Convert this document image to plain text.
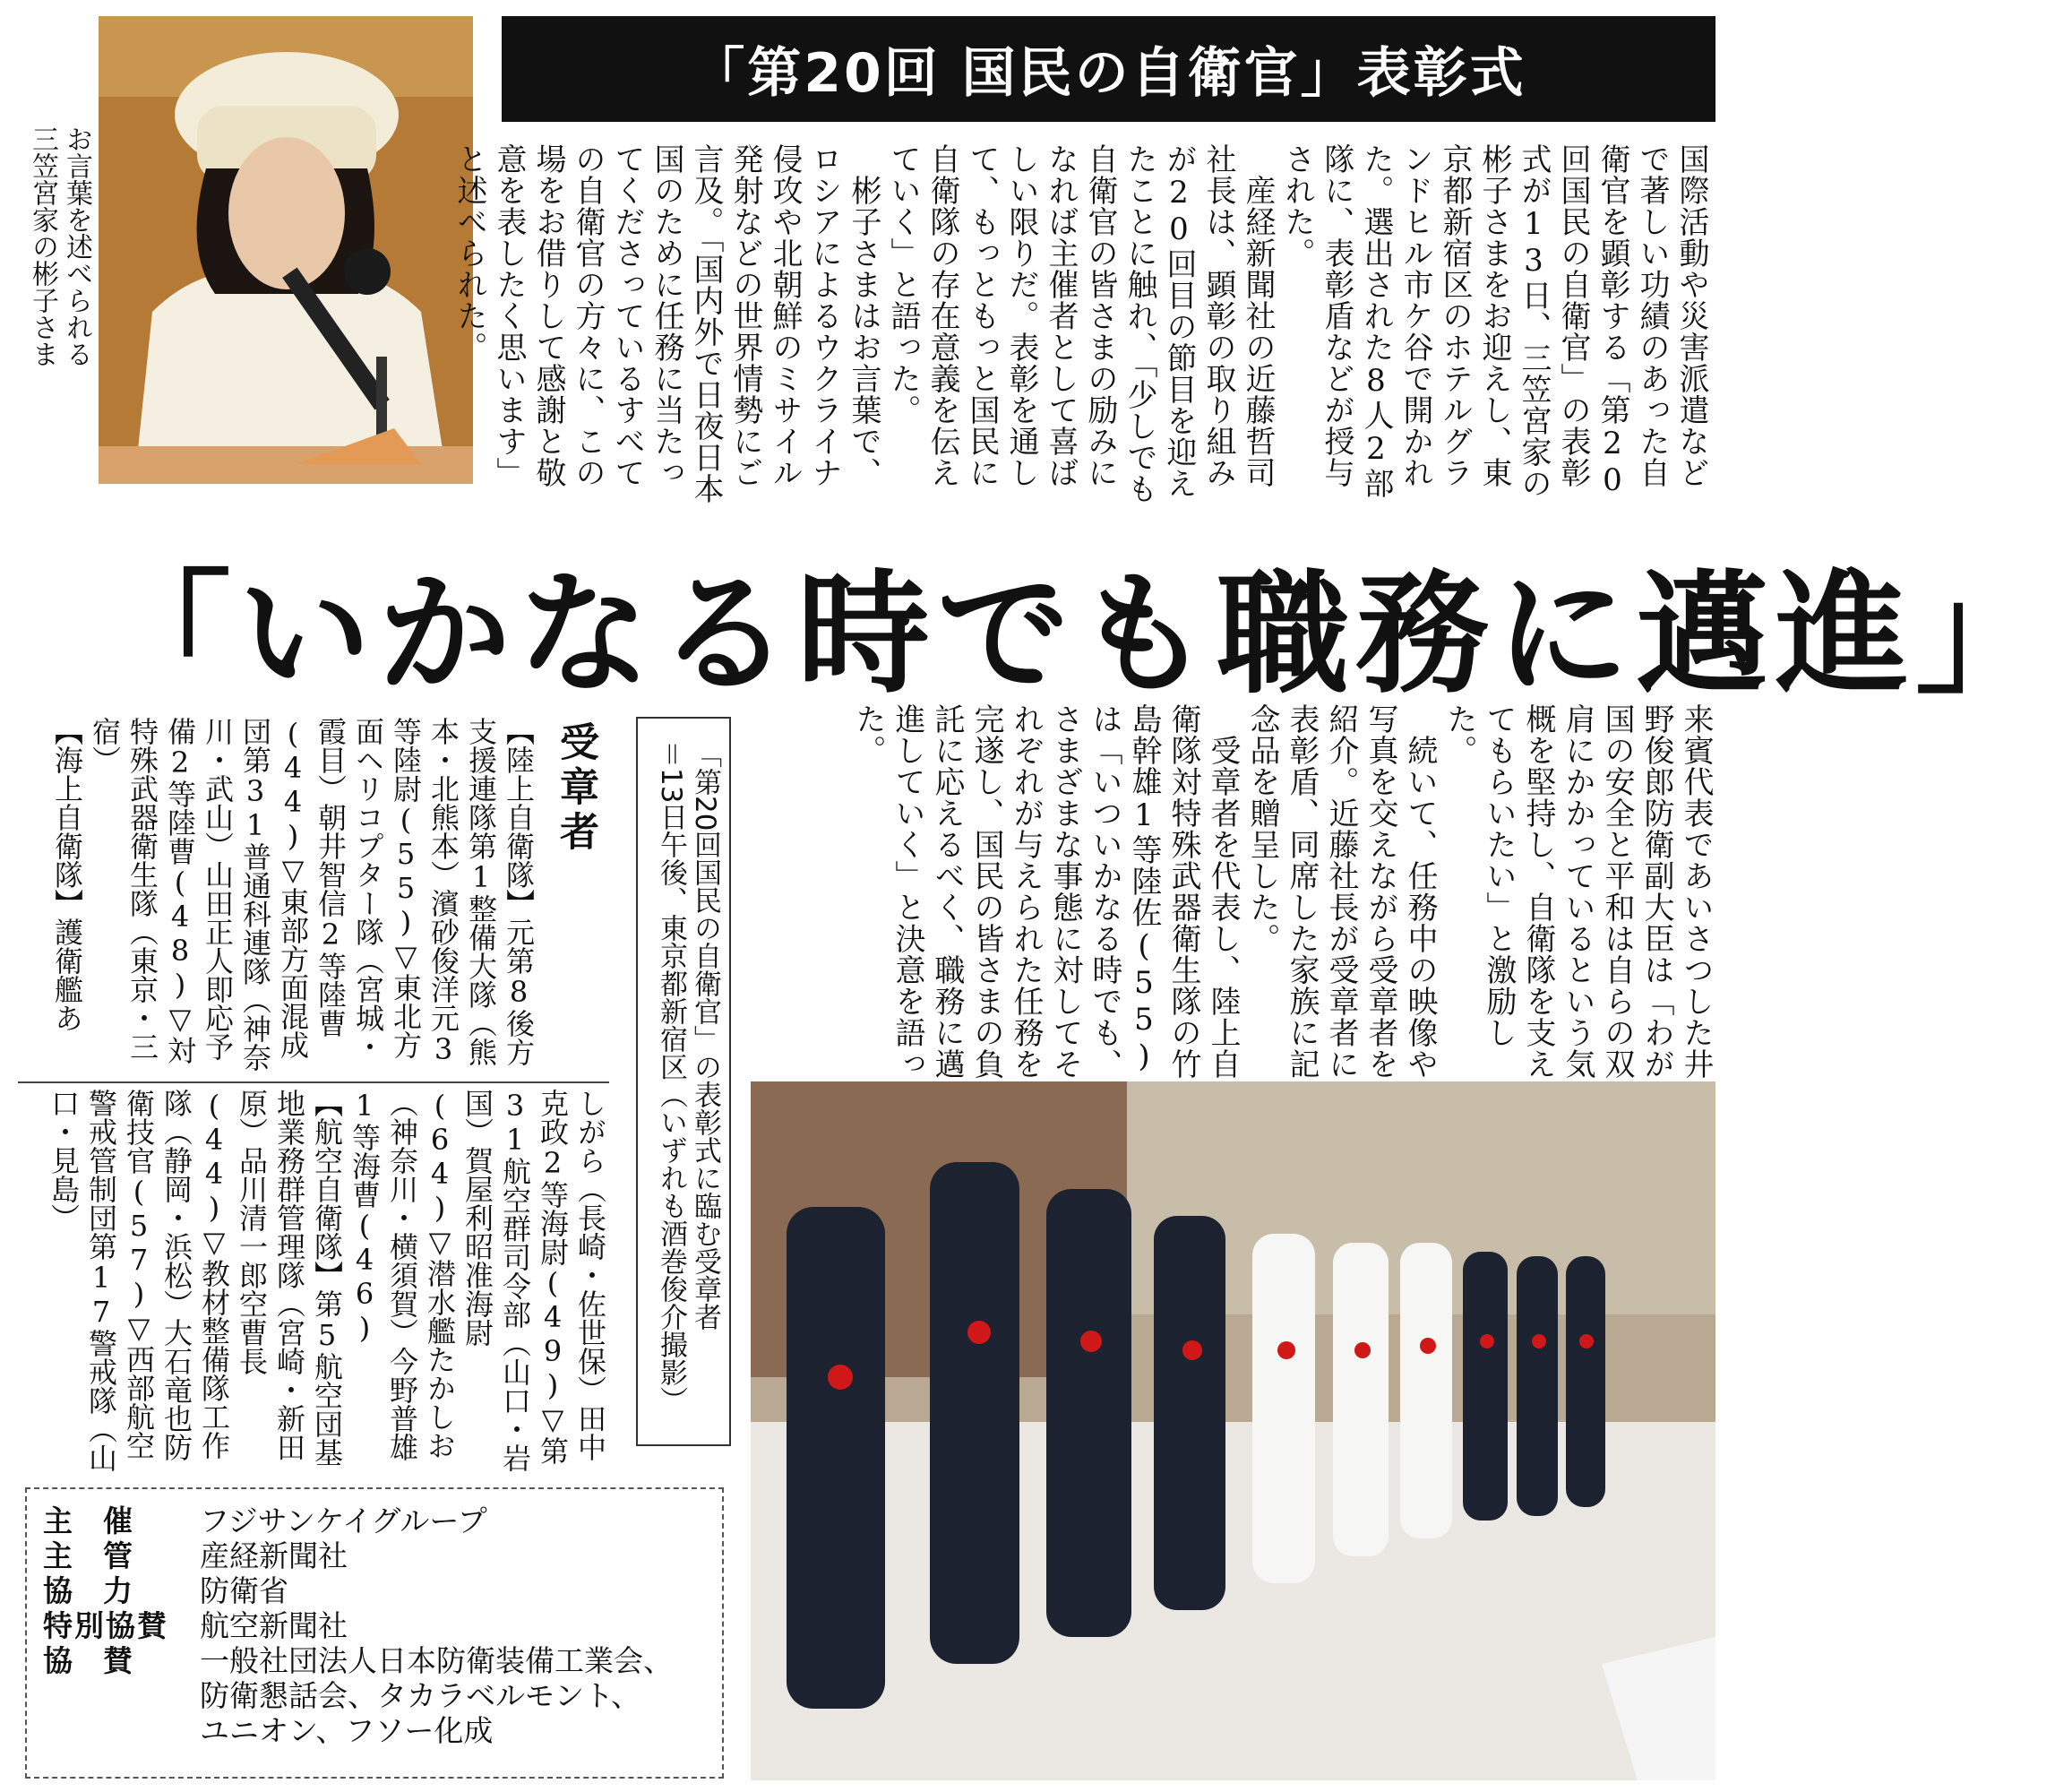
「第20回 国民の自衛官」表彰式
お言葉を述べられる
三笠宮家の彬子さま	国際活動や災害派遣などで著しい功績のあった自衛官を顕彰する「第20回国民の自衛官」の表彰式が13日、三笠宮家の彬子さまをお迎えし、東京都新宿区のホテルグランドヒル市ケ谷で開かれた。選出された8人2部隊に、表彰盾などが授与された。
　産経新聞社の近藤哲司社長は、顕彰の取り組みが20回目の節目を迎えたことに触れ、「少しでも自衛官の皆さまの励みになれば主催者として喜ばしい限りだ。表彰を通して、もっともっと国民に自衛隊の存在意義を伝えていく」と語った。
　彬子さまはお言葉で、ロシアによるウクライナ侵攻や北朝鮮のミサイル発射などの世界情勢にご言及。「国内外で日夜日本国のために任務に当たってくださっているすべての自衛官の方々に、この場をお借りして感謝と敬意を表したく思います」と述べられた。
「いかなる時でも職務に邁進」
来賓代表であいさつした井野俊郎防衛副大臣は「わが国の安全と平和は自らの双肩にかかっているという気概を堅持し、自衛隊を支えてもらいたい」と激励した。
　続いて、任務中の映像や写真を交えながら受章者を紹介。近藤社長が受章者に表彰盾、同席した家族に記念品を贈呈した。
　受章者を代表し、陸上自衛隊対特殊武器衛生隊の竹島幹雄1等陸佐(55)は「いついかなる時でも、さまざまな事態に対してそれぞれが与えられた任務を完遂し、国民の皆さまの負託に応えるべく、職務に邁進していく」と決意を語った。
「第20回国民の自衛官」の表彰式に臨む受章者
＝13日午後、東京都新宿区（いずれも酒巻俊介撮影）
受章者
【陸上自衛隊】元第8後方支援連隊第1整備大隊（熊本・北熊本）濱砂俊洋元3等陸尉(55)▽東北方面ヘリコプター隊（宮城・霞目）朝井智信2等陸曹(44)▽東部方面混成団第31普通科連隊（神奈川・武山）山田正人即応予備2等陸曹(48)▽対特殊武器衛生隊（東京・三宿）
【海上自衛隊】護衛艦あ
しがら（長崎・佐世保）田中克政2等海尉(49)▽第31航空群司令部（山口・岩国）賀屋利昭准海尉(64)▽潜水艦たかしお（神奈川・横須賀）今野普雄1等海曹(46)
【航空自衛隊】第5航空団基地業務群管理隊（宮崎・新田原）品川清一郎空曹長(44)▽教材整備隊工作隊（静岡・浜松）大石竜也防衛技官(57)▽西部航空警戒管制団第17警戒隊（山口・見島）
主催	フジサンケイグループ
主管	産経新聞社
協力	防衛省
特別協賛	航空新聞社
協賛	一般社団法人日本防衛装備工業会、
防衛懇話会、タカラベルモント、
ユニオン、フソー化成
